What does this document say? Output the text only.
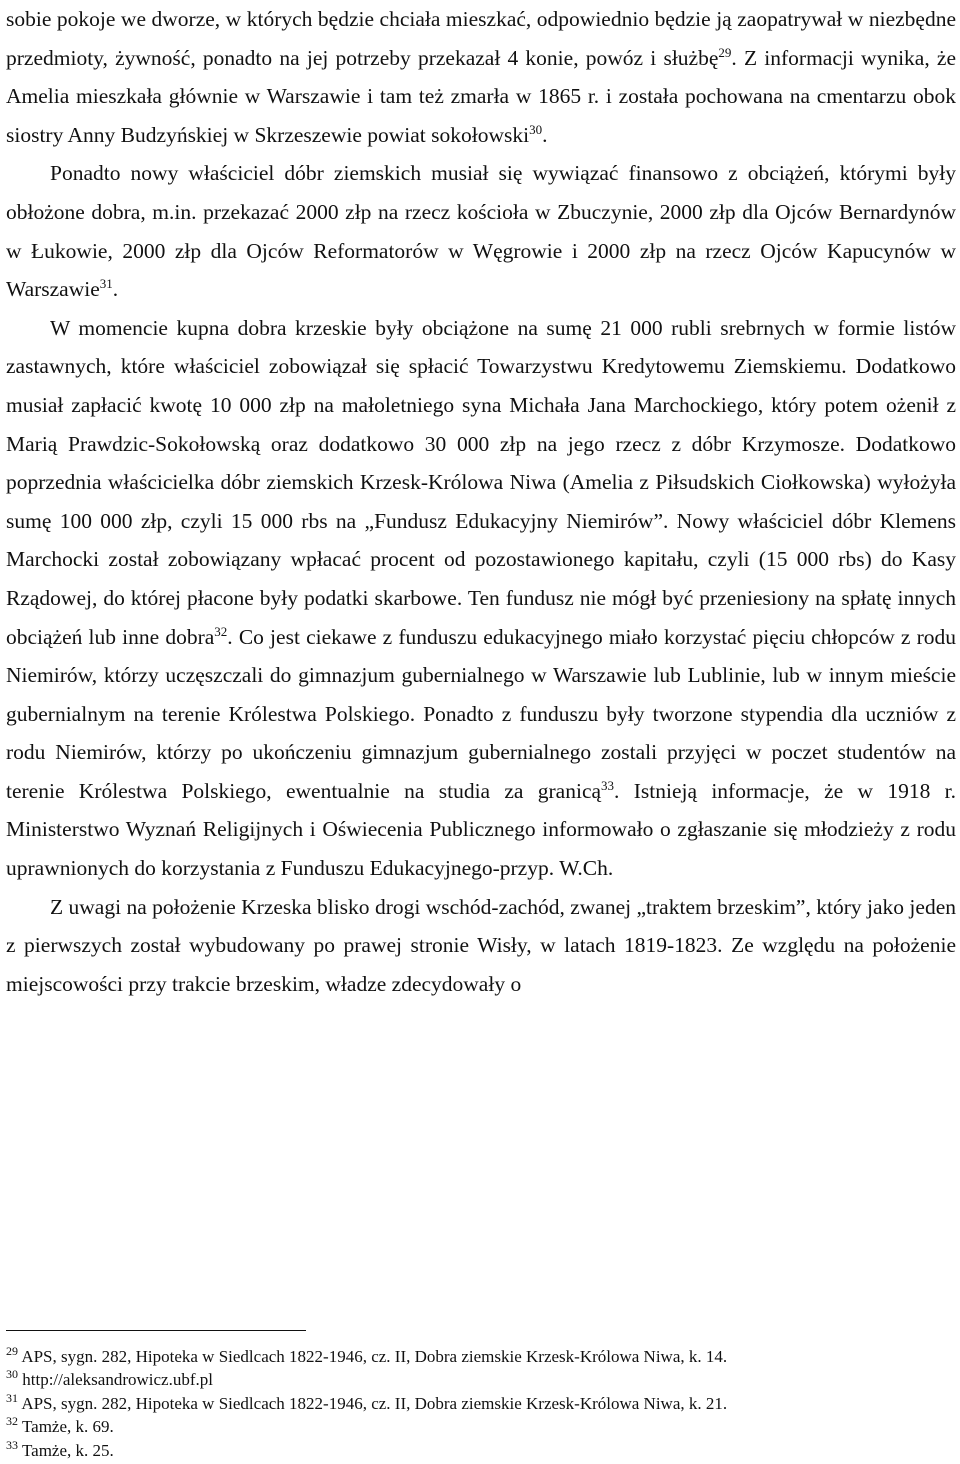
sobie pokoje we dworze, w których będzie chciała mieszkać, odpowiednio będzie ją zaopatrywał w niezbędne przedmioty, żywność, ponadto na jej potrzeby przekazał 4 konie, powóz i służbę$^{29}$. Z informacji wynika, że Amelia mieszkała głównie w Warszawie i tam też zmarła w 1865 r. i została pochowana na cmentarzu obok siostry Anny Budzyńskiej w Skrzeszewie powiat sokołowski$^{30}$.

Ponadto nowy właściciel dóbr ziemskich musiał się wywiązać finansowo z obciążeń, którymi były obłożone dobra, m.in. przekazać 2000 złp na rzecz kościoła w Zbuczynie, 2000 złp dla Ojców Bernardynów w Łukowie, 2000 złp dla Ojców Reformatorów w Węgrowie i 2000 złp na rzecz Ojców Kapucynów w Warszawie$^{31}$.

W momencie kupna dobra krzeskie były obciążone na sumę 21 000 rubli srebrnych w formie listów zastawnych, które właściciel zobowiązał się spłacić Towarzystwu Kredytowemu Ziemskiemu. Dodatkowo musiał zapłacić kwotę 10 000 złp na małoletniego syna Michała Jana Marchockiego, który potem ożenił z Marią Prawdzic-Sokołowską oraz dodatkowo 30 000 złp na jego rzecz z dóbr Krzymosze. Dodatkowo poprzednia właścicielka dóbr ziemskich Krzesk-Królowa Niwa (Amelia z Piłsudskich Ciołkowska) wyłożyła sumę 100 000 złp, czyli 15 000 rbs na „Fundusz Edukacyjny Niemirów”. Nowy właściciel dóbr Klemens Marchocki został zobowiązany wpłacać procent od pozostawionego kapitału, czyli (15 000 rbs) do Kasy Rządowej, do której płacone były podatki skarbowe. Ten fundusz nie mógł być przeniesiony na spłatę innych obciążeń lub inne dobra$^{32}$. Co jest ciekawe z funduszu edukacyjnego miało korzystać pięciu chłopców z rodu Niemirów, którzy uczęszczali do gimnazjum gubernialnego w Warszawie lub Lublinie, lub w innym mieście gubernialnym na terenie Królestwa Polskiego. Ponadto z funduszu były tworzone stypendia dla uczniów z rodu Niemirów, którzy po ukończeniu gimnazjum gubernialnego zostali przyjęci w poczet studentów na terenie Królestwa Polskiego, ewentualnie na studia za granicą$^{33}$. Istnieją informacje, że w 1918 r. Ministerstwo Wyznań Religijnych i Oświecenia Publicznego informowało o zgłaszanie się młodzieży z rodu uprawnionych do korzystania z Funduszu Edukacyjnego-przyp. W.Ch.

Z uwagi na położenie Krzeska blisko drogi wschód-zachód, zwanej „traktem brzeskim”, który jako jeden z pierwszych został wybudowany po prawej stronie Wisły, w latach 1819-1823. Ze względu na położenie miejscowości przy trakcie brzeskim, władze zdecydowały o

$^{29}$ APS, sygn. 282, Hipoteka w Siedlcach 1822-1946, cz. II, Dobra ziemskie Krzesk-Królowa Niwa, k. 14.

$^{30}$ http://aleksandrowicz.ubf.pl

$^{31}$ APS, sygn. 282, Hipoteka w Siedlcach 1822-1946, cz. II, Dobra ziemskie Krzesk-Królowa Niwa, k. 21.

$^{32}$ Tamże, k. 69.

$^{33}$ Tamże, k. 25.
